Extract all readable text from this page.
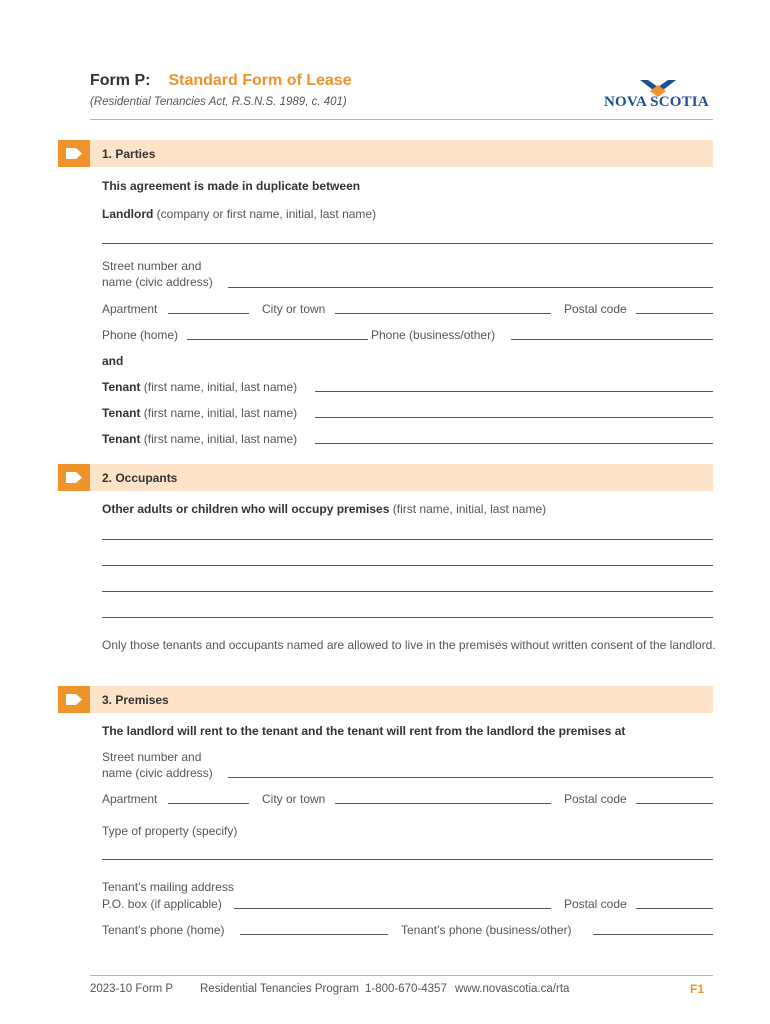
Form P: Standard Form of Lease
(Residential Tenancies Act, R.S.N.S. 1989, c. 401)	NOVA SCOTIA
1. Parties
This agreement is made in duplicate between
Landlord (company or first name, initial, last name)
Street number and
name (civic address)
Apartment	City or town	Postal code
Phone (home)	Phone (business/other)
and
Tenant (first name, initial, last name)
Tenant (first name, initial, last name)
Tenant (first name, initial, last name)
2. Occupants
Other adults or children who will occupy premises (first name, initial, last name)
Only those tenants and occupants named are allowed to live in the premises without written consent of the landlord.
3. Premises
The landlord will rent to the tenant and the tenant will rent from the landlord the premises at
Street number and
name (civic address)
Apartment	City or town	Postal code
Type of property (specify)
Tenant’s mailing address
P.O. box (if applicable)	Postal code
Tenant’s phone (home)	Tenant’s phone (business/other)
2023-10 Form P Residential Tenancies Program 1-800-670-4357 www.novascotia.ca/rta	F1
